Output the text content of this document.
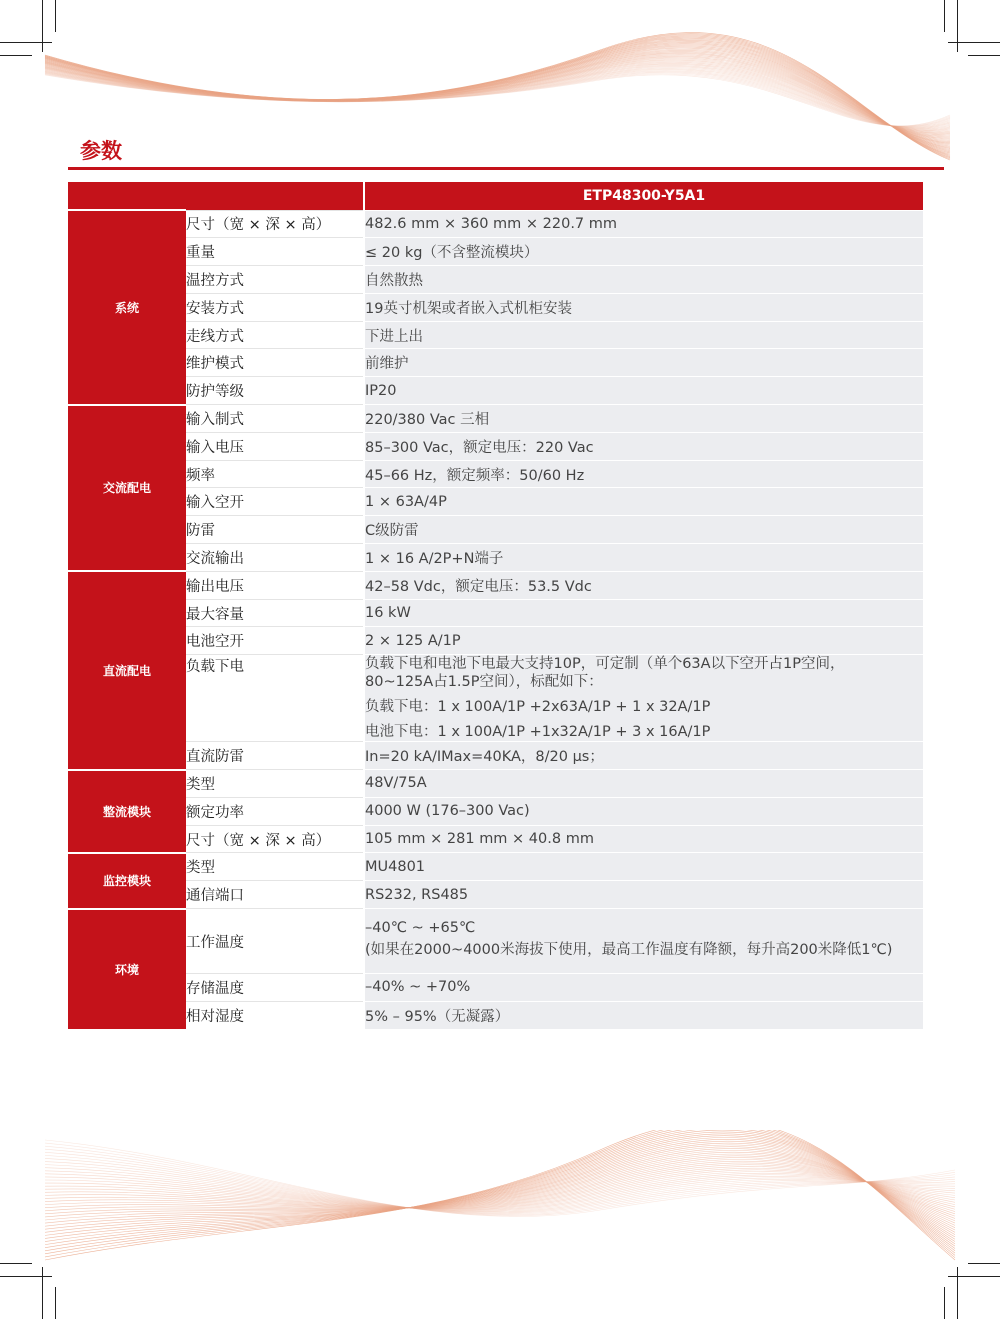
参数
		ETP48300-Y5A1
系统	尺寸（宽 × 深 × 高）	482.6 mm × 360 mm × 220.7 mm
	重量	≤ 20 kg（不含整流模块）
	温控方式	自然散热
	安装方式	19英寸机架或者嵌入式机柜安装
	走线方式	下进上出
	维护模式	前维护
	防护等级	IP20
交流配电	输入制式	220/380 Vac 三相
	输入电压	85–300 Vac，额定电压：220 Vac
	频率	45–66 Hz，额定频率：50/60 Hz
	输入空开	1 × 63A/4P
	防雷	C级防雷
	交流输出	1 × 16 A/2P+N端子
直流配电	输出电压	42–58 Vdc，额定电压：53.5 Vdc
	最大容量	16 kW
	电池空开	2 × 125 A/1P
	负载下电	负载下电和电池下电最大支持10P，可定制（单个63A以下空开占1P空间，
80~125A占1.5P空间），标配如下：
负载下电：1 x 100A/1P +2x63A/1P + 1 x 32A/1P
电池下电：1 x 100A/1P +1x32A/1P + 3 x 16A/1P

	直流防雷	In=20 kA/IMax=40KA，8/20 μs；
整流模块	类型	48V/75A
	额定功率	4000 W (176–300 Vac)
	尺寸（宽 × 深 × 高）	105 mm × 281 mm × 40.8 mm
监控模块	类型	MU4801
	通信端口	RS232, RS485
环境	工作温度	–40℃ ~ +65℃
(如果在2000~4000米海拔下使用，最高工作温度有降额，每升高200米降低1℃)

	存储温度	–40% ~ +70%
	相对湿度	5% – 95%（无凝露）
